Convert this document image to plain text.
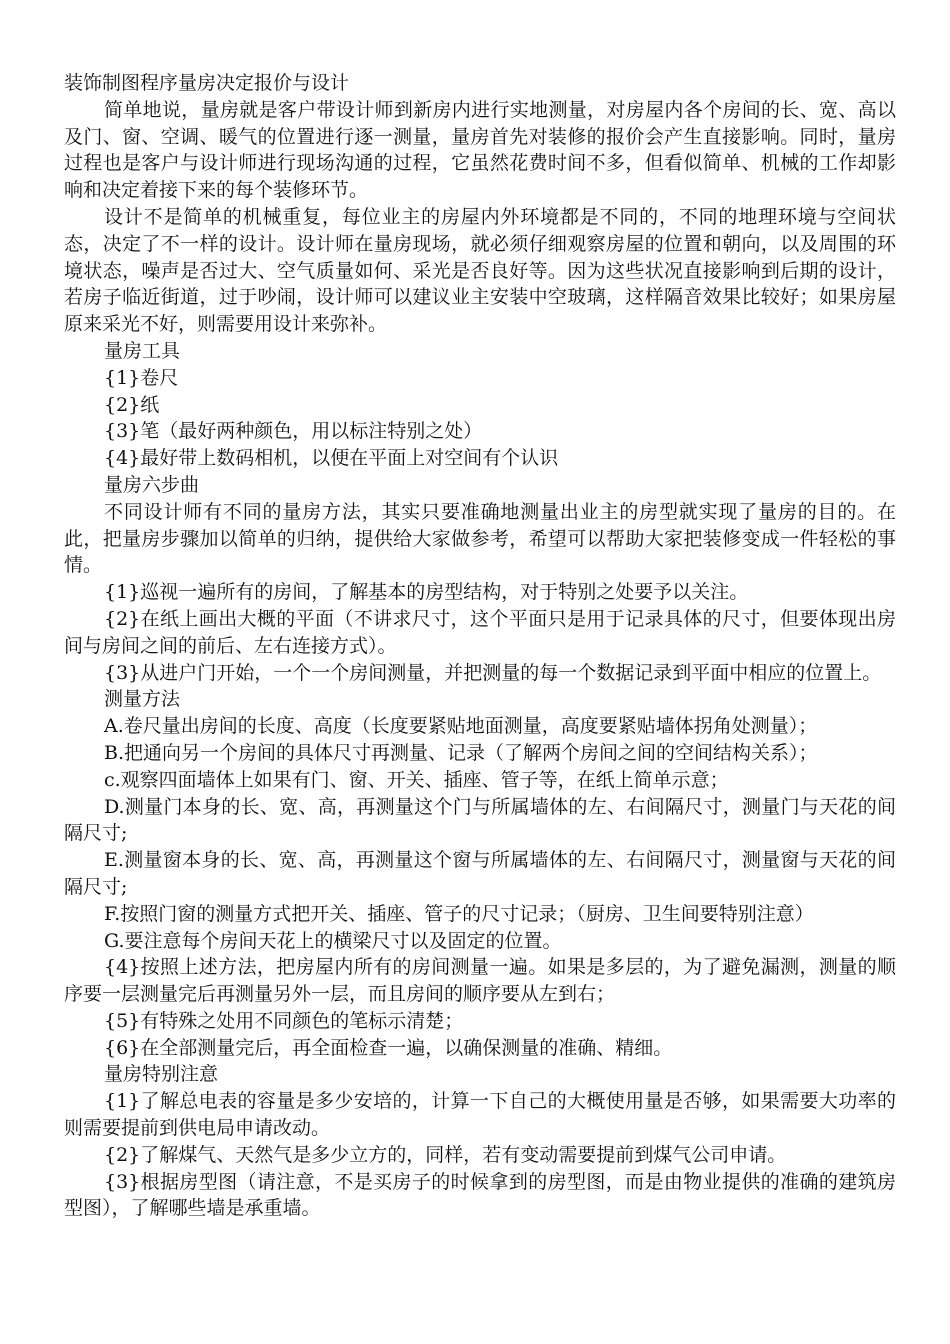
装饰制图程序量房决定报价与设计

简单地说，量房就是客户带设计师到新房内进行实地测量，对房屋内各个房间的长、宽、高以及门、窗、空调、暖气的位置进行逐一测量，量房首先对装修的报价会产生直接影响。同时，量房过程也是客户与设计师进行现场沟通的过程，它虽然花费时间不多，但看似简单、机械的工作却影响和决定着接下来的每个装修环节。

设计不是简单的机械重复，每位业主的房屋内外环境都是不同的，不同的地理环境与空间状态，决定了不一样的设计。设计师在量房现场，就必须仔细观察房屋的位置和朝向，以及周围的环境状态，噪声是否过大、空气质量如何、采光是否良好等。因为这些状况直接影响到后期的设计，若房子临近街道，过于吵闹，设计师可以建议业主安装中空玻璃，这样隔音效果比较好；如果房屋原来采光不好，则需要用设计来弥补。

量房工具

{1}卷尺

{2}纸

{3}笔（最好两种颜色，用以标注特别之处）

{4}最好带上数码相机，以便在平面上对空间有个认识

量房六步曲

不同设计师有不同的量房方法，其实只要准确地测量出业主的房型就实现了量房的目的。在此，把量房步骤加以简单的归纳，提供给大家做参考，希望可以帮助大家把装修变成一件轻松的事情。

{1}巡视一遍所有的房间，了解基本的房型结构，对于特别之处要予以关注。

{2}在纸上画出大概的平面（不讲求尺寸，这个平面只是用于记录具体的尺寸，但要体现出房间与房间之间的前后、左右连接方式）。

{3}从进户门开始，一个一个房间测量，并把测量的每一个数据记录到平面中相应的位置上。

测量方法

A.卷尺量出房间的长度、高度（长度要紧贴地面测量，高度要紧贴墙体拐角处测量）；

B.把通向另一个房间的具体尺寸再测量、记录（了解两个房间之间的空间结构关系）；

c.观察四面墙体上如果有门、窗、开关、插座、管子等，在纸上简单示意；

D.测量门本身的长、宽、高，再测量这个门与所属墙体的左、右间隔尺寸，测量门与天花的间隔尺寸;

E.测量窗本身的长、宽、高，再测量这个窗与所属墙体的左、右间隔尺寸，测量窗与天花的间隔尺寸;

F.按照门窗的测量方式把开关、插座、管子的尺寸记录；（厨房、卫生间要特别注意）

G.要注意每个房间天花上的横梁尺寸以及固定的位置。

{4}按照上述方法，把房屋内所有的房间测量一遍。如果是多层的，为了避免漏测，测量的顺序要一层测量完后再测量另外一层，而且房间的顺序要从左到右；

{5}有特殊之处用不同颜色的笔标示清楚；

{6}在全部测量完后，再全面检查一遍，以确保测量的准确、精细。

量房特别注意

{1}了解总电表的容量是多少安培的，计算一下自己的大概使用量是否够，如果需要大功率的则需要提前到供电局申请改动。

{2}了解煤气、天然气是多少立方的，同样，若有变动需要提前到煤气公司申请。

{3}根据房型图（请注意，不是买房子的时候拿到的房型图，而是由物业提供的准确的建筑房型图），了解哪些墙是承重墙。
